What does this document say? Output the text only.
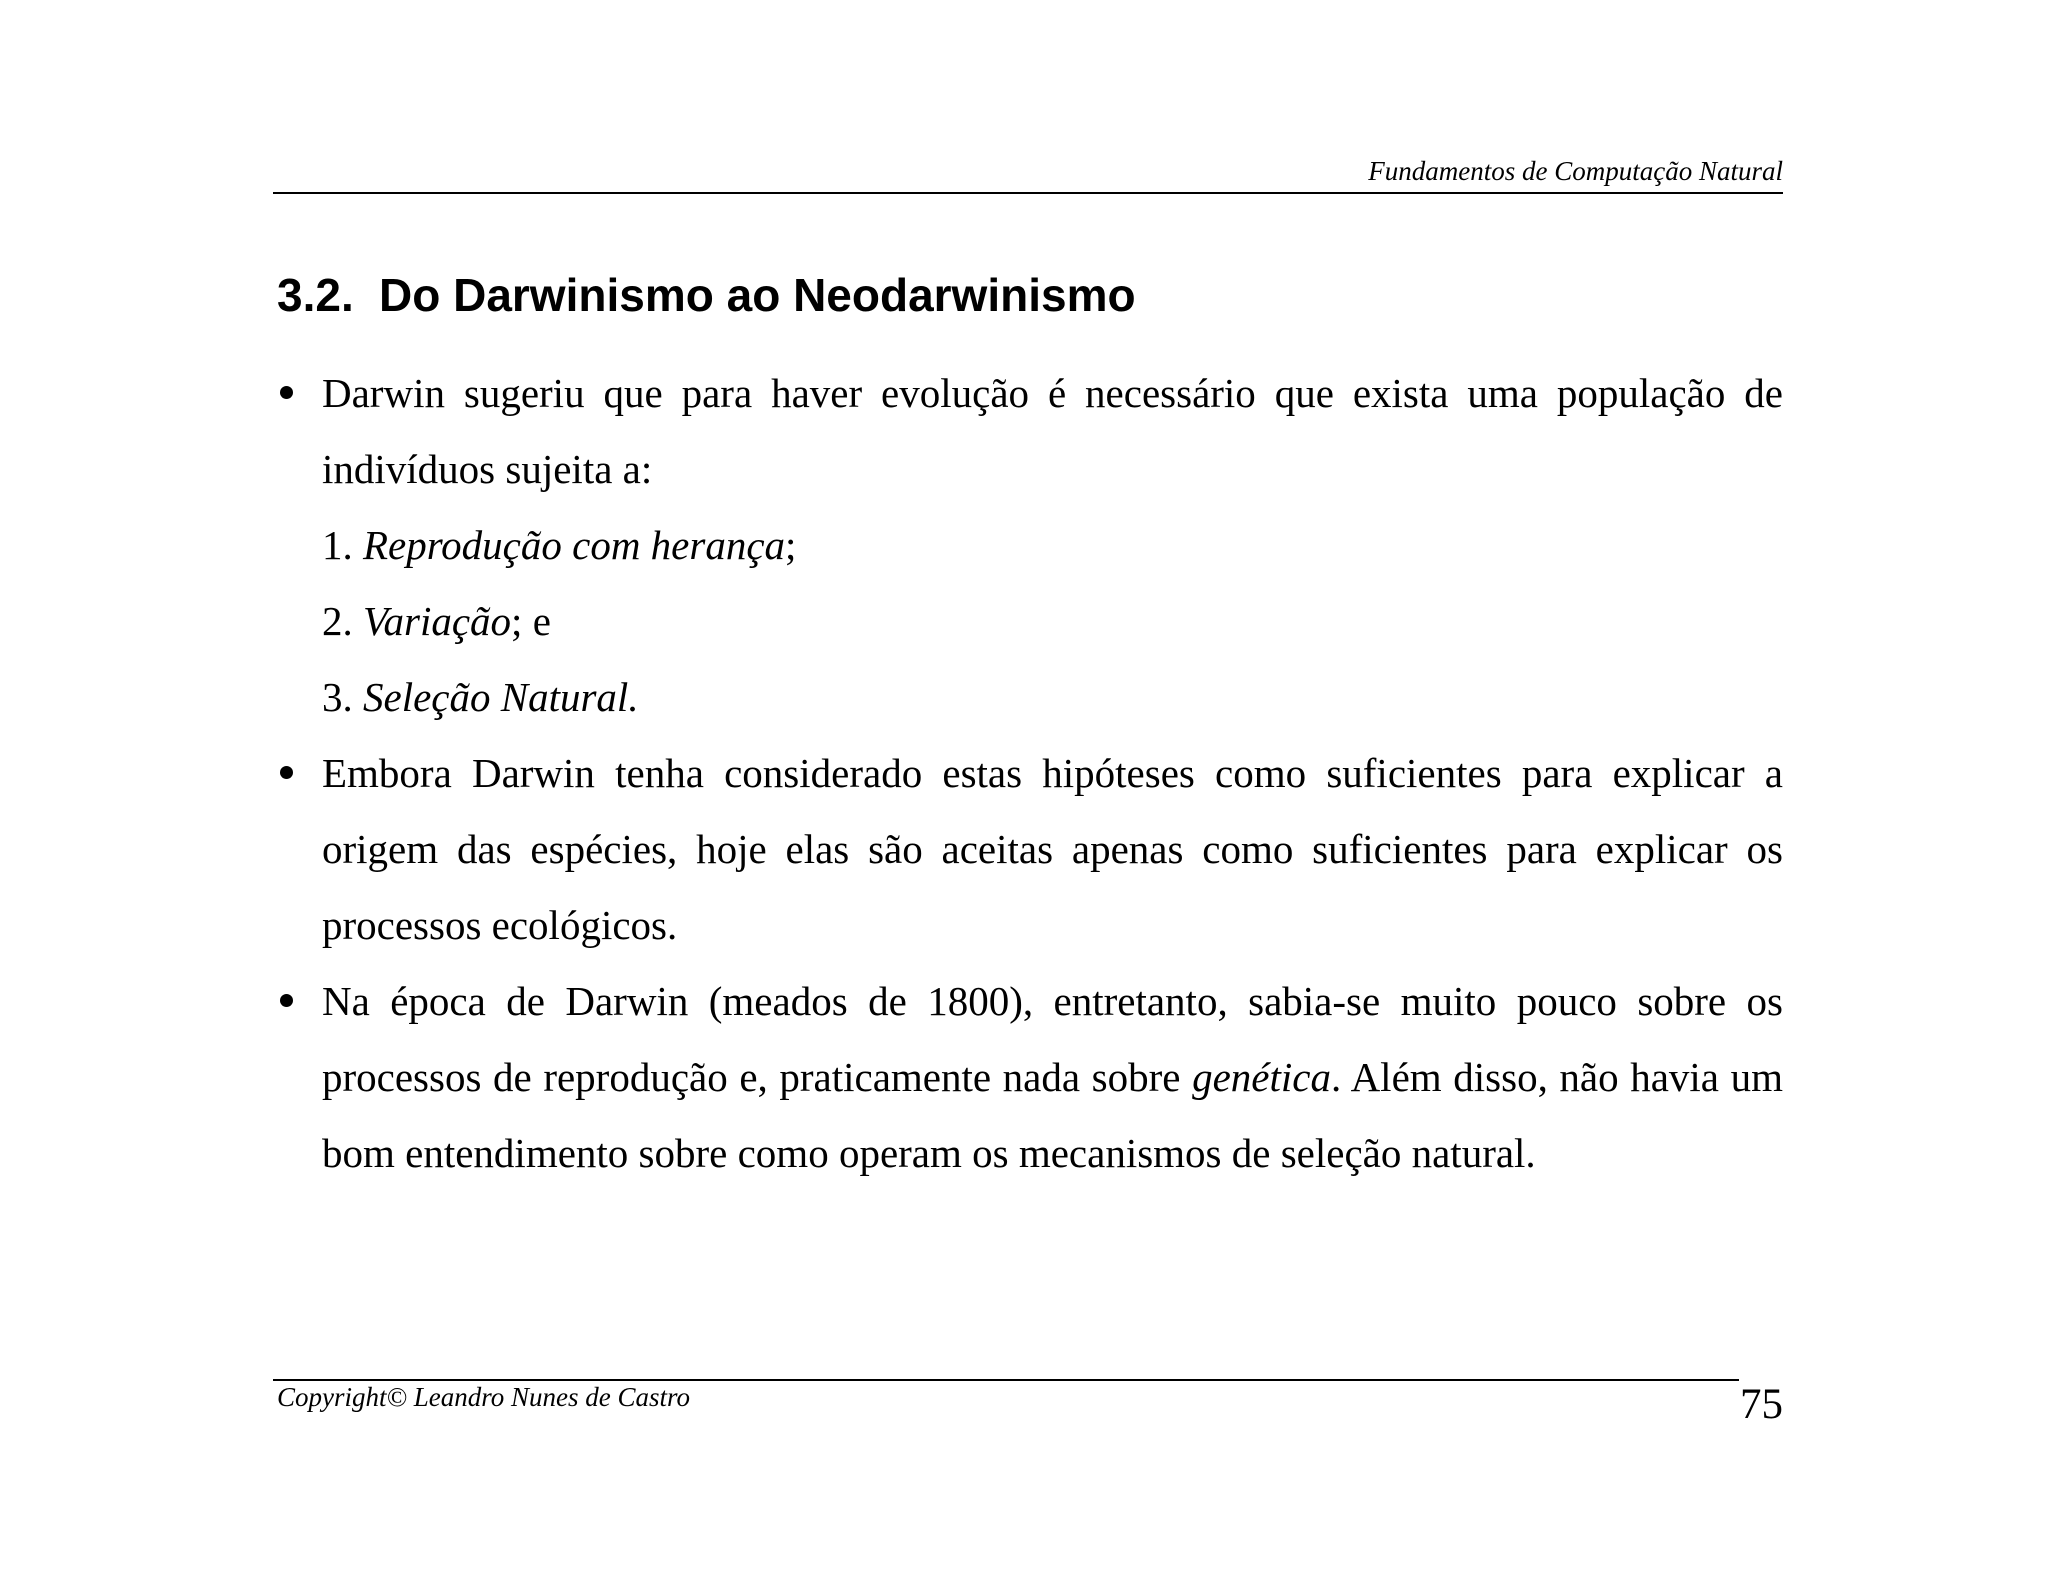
Fundamentos de Computação Natural
3.2. Do Darwinismo ao Neodarwinismo
Darwin sugeriu que para haver evolução é necessário que exista uma população de indivíduos sujeita a:
1. Reprodução com herança;
2. Variação; e
3. Seleção Natural.
Embora Darwin tenha considerado estas hipóteses como suficientes para explicar a origem das espécies, hoje elas são aceitas apenas como suficientes para explicar os processos ecológicos.
Na época de Darwin (meados de 1800), entretanto, sabia-se muito pouco sobre os processos de reprodução e, praticamente nada sobre genética. Além disso, não havia um bom entendimento sobre como operam os mecanismos de seleção natural.
Copyright© Leandro Nunes de Castro	75
